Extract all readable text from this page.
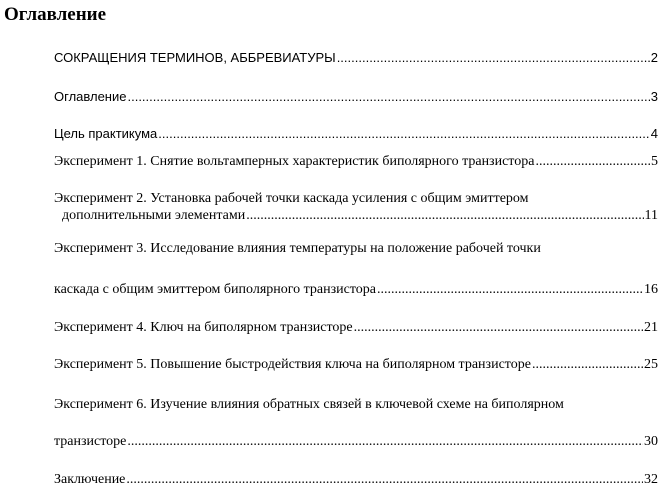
Оглавление
СОКРАЩЕНИЯ ТЕРМИНОВ, АББРЕВИАТУРЫ .....	2
Оглавление .....	3
Цель практикума .....	4
Эксперимент 1. Снятие вольтамперных характеристик биполярного транзистора .....	5
Эксперимент 2. Установка рабочей точки каскада усиления с общим эмиттером
дополнительными элементами .....	11
Эксперимент 3. Исследование влияния температуры на положение рабочей точки
каскада с общим эмиттером биполярного транзистора .....	16
Эксперимент 4. Ключ на биполярном транзисторе .....	21
Эксперимент 5. Повышение быстродействия ключа на биполярном транзисторе .....	25
Эксперимент 6. Изучение влияния обратных связей в ключевой схеме на биполярном
транзисторе .....	30
Заключение .....	32
